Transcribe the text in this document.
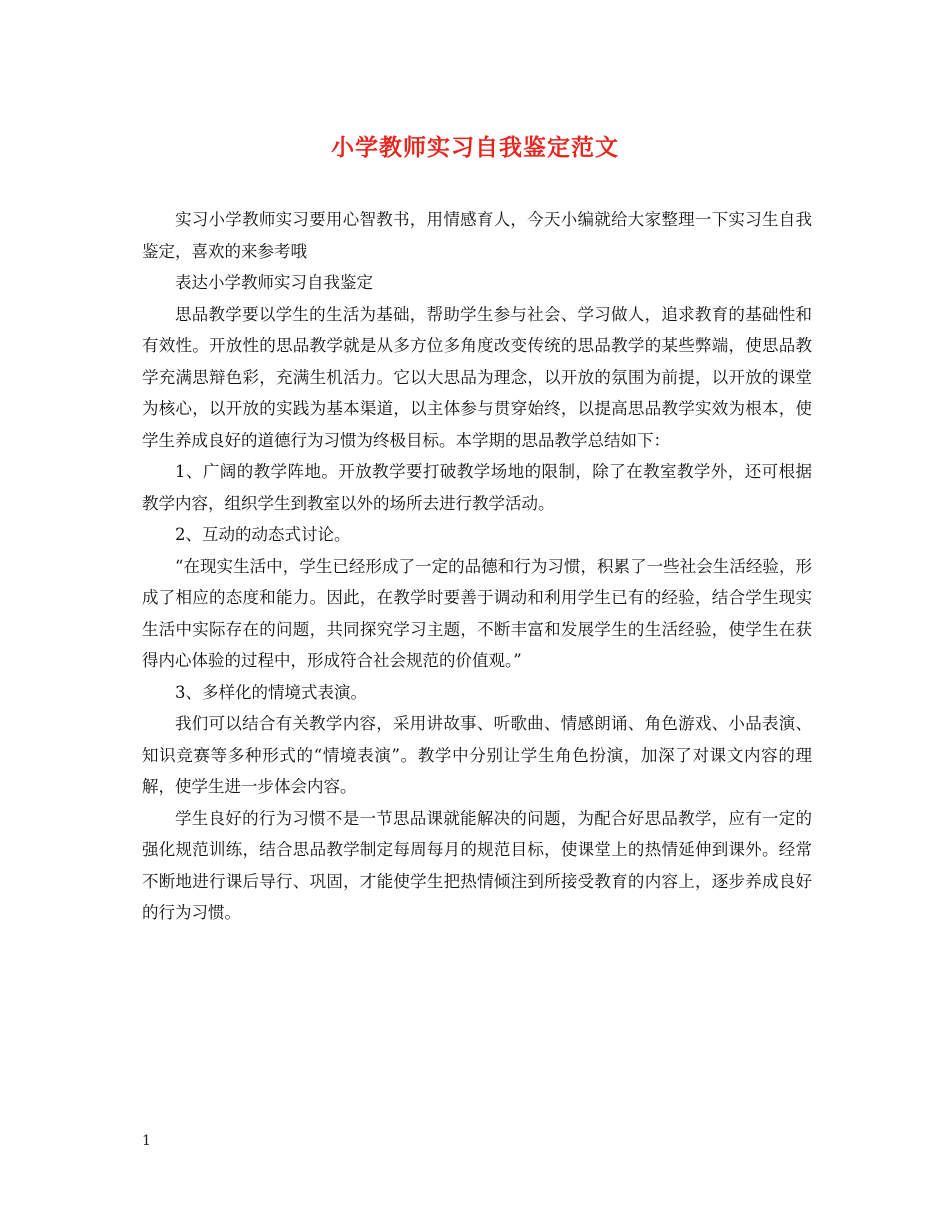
小学教师实习自我鉴定范文

实习小学教师实习要用心智教书，用情感育人，今天小编就给大家整理一下实习生自我鉴定，喜欢的来参考哦

表达小学教师实习自我鉴定

思品教学要以学生的生活为基础，帮助学生参与社会、学习做人，追求教育的基础性和有效性。开放性的思品教学就是从多方位多角度改变传统的思品教学的某些弊端，使思品教学充满思辩色彩，充满生机活力。它以大思品为理念，以开放的氛围为前提，以开放的课堂为核心，以开放的实践为基本渠道，以主体参与贯穿始终，以提高思品教学实效为根本，使学生养成良好的道德行为习惯为终极目标。本学期的思品教学总结如下：

1、广阔的教学阵地。开放教学要打破教学场地的限制，除了在教室教学外，还可根据教学内容，组织学生到教室以外的场所去进行教学活动。

2、互动的动态式讨论。

“在现实生活中，学生已经形成了一定的品德和行为习惯，积累了一些社会生活经验，形成了相应的态度和能力。因此，在教学时要善于调动和利用学生已有的经验，结合学生现实生活中实际存在的问题，共同探究学习主题，不断丰富和发展学生的生活经验，使学生在获得内心体验的过程中，形成符合社会规范的价值观。”

3、多样化的情境式表演。

我们可以结合有关教学内容，采用讲故事、听歌曲、情感朗诵、角色游戏、小品表演、知识竞赛等多种形式的“情境表演”。教学中分别让学生角色扮演，加深了对课文内容的理解，使学生进一步体会内容。

学生良好的行为习惯不是一节思品课就能解决的问题，为配合好思品教学，应有一定的强化规范训练，结合思品教学制定每周每月的规范目标，使课堂上的热情延伸到课外。经常不断地进行课后导行、巩固，才能使学生把热情倾注到所接受教育的内容上，逐步养成良好的行为习惯。

1
